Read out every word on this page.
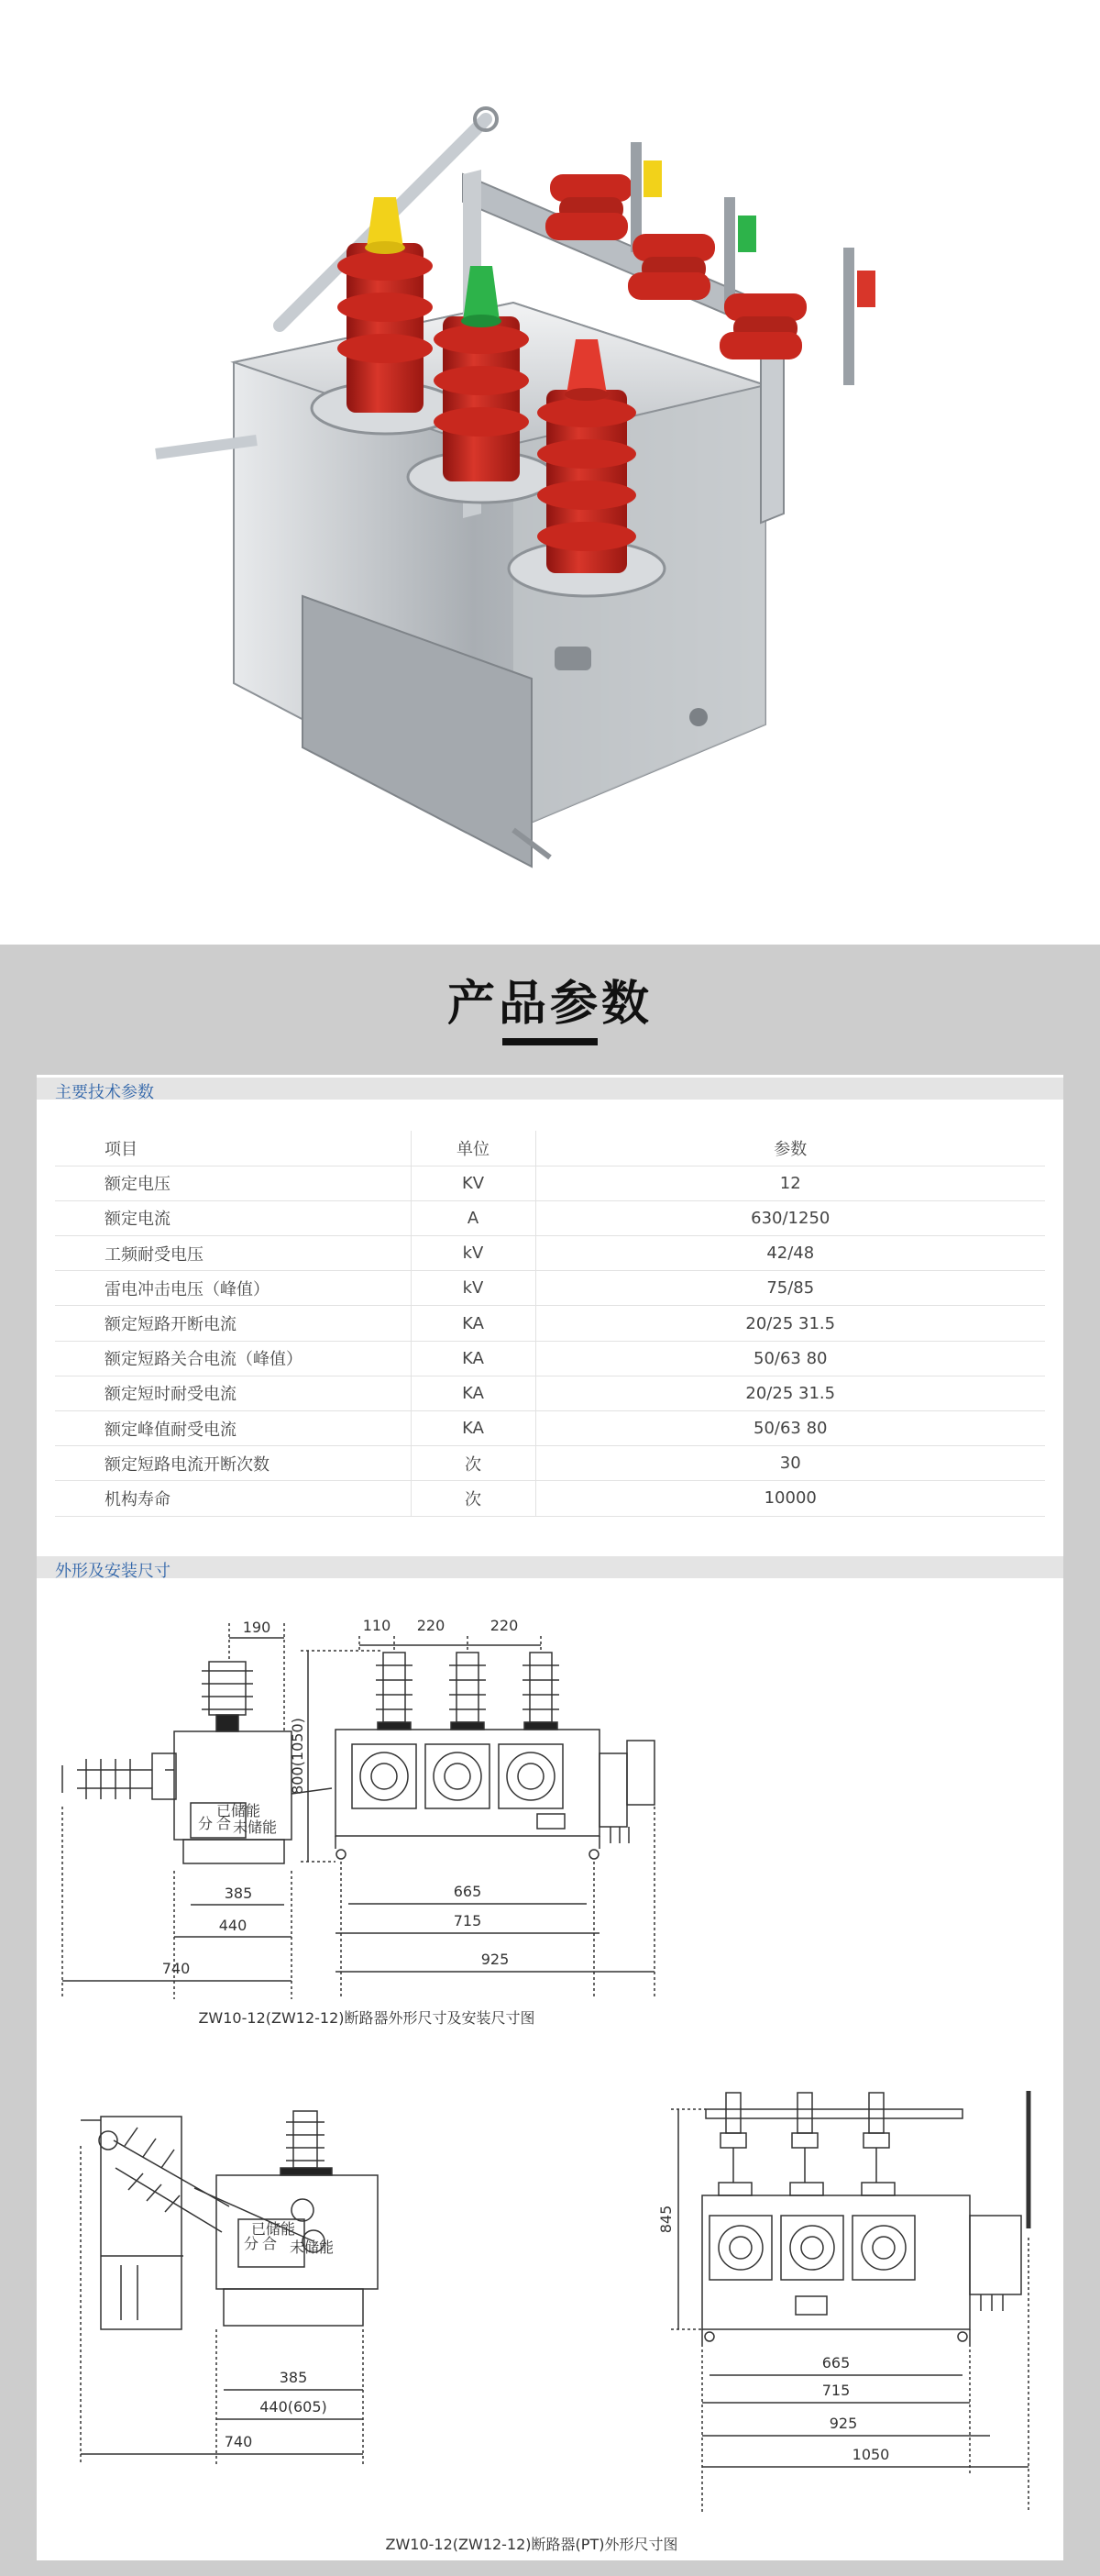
产品参数
主要技术参数
项目	单位	参数
额定电压	KV	12
额定电流	A	630/1250
工频耐受电压	kV	42/48
雷电冲击电压（峰值）	kV	75/85
额定短路开断电流	KA	20/25 31.5
额定短路关合电流（峰值）	KA	50/63 80
额定短时耐受电流	KA	20/25 31.5
额定峰值耐受电流	KA	50/63 80
额定短路电流开断次数	次	30
机构寿命	次	10000
外形及安装尺寸
已储能
分 合 未储能
190
385
440
740
110 220	220
800(1050)
665
715
925
ZW10-12(ZW12-12)断路器外形尺寸及安装尺寸图
已储能
分 合 未储能
385
440(605)
740
845
665
715
925
1050
ZW10-12(ZW12-12)断路器(PT)外形尺寸图
